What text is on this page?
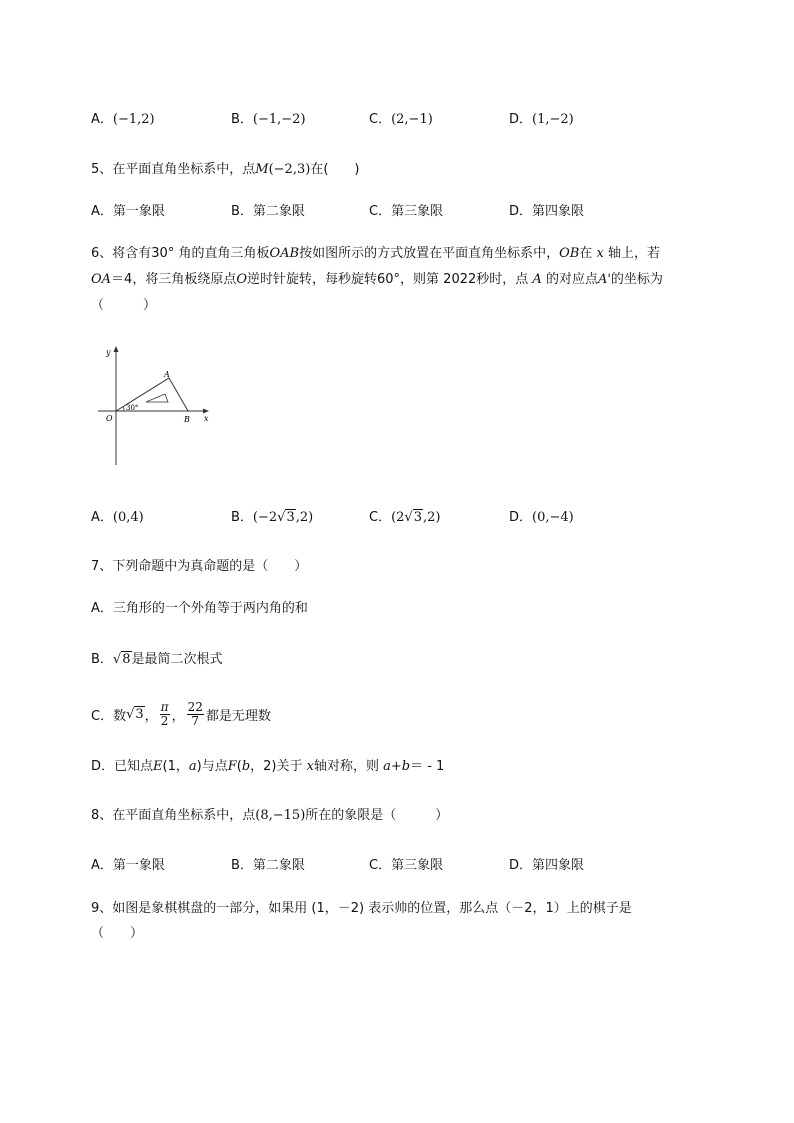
A．(−1,2)	B．(−1,−2)	C．(2,−1)	D．(1,−2)
5、在平面直角坐标系中，点M(−2,3)在(　　)
A．第一象限	B．第二象限	C．第三象限	D．第四象限
6、将含有30° 角的直角三角板OAB按如图所示的方式放置在平面直角坐标系中，OB在 x 轴上，若
OA＝4，将三角板绕原点O逆时针旋转，每秒旋转60°，则第 2022秒时，点 A 的对应点A'的坐标为
（　　　）
y
x
O
A
B
30°
A．(0,4)	B．(−2√3,2)	C．(2√3,2)	D．(0,−4)
7、下列命题中为真命题的是（　　）
A．三角形的一个外角等于两内角的和
B．√8是最简二次根式
C．数 √3 ， $\frac{\pi}{2}$ ， $\frac{22}{7}$ 都是无理数
D．已知点E(1，a)与点F(b，2)关于 x轴对称，则 a+b＝ - 1
8、在平面直角坐标系中，点(8,−15)所在的象限是（　　　）
A．第一象限	B．第二象限	C．第三象限	D．第四象限
9、如图是象棋棋盘的一部分，如果用 (1，－2) 表示帅的位置，那么点（－2，1）上的棋子是
（　　）
